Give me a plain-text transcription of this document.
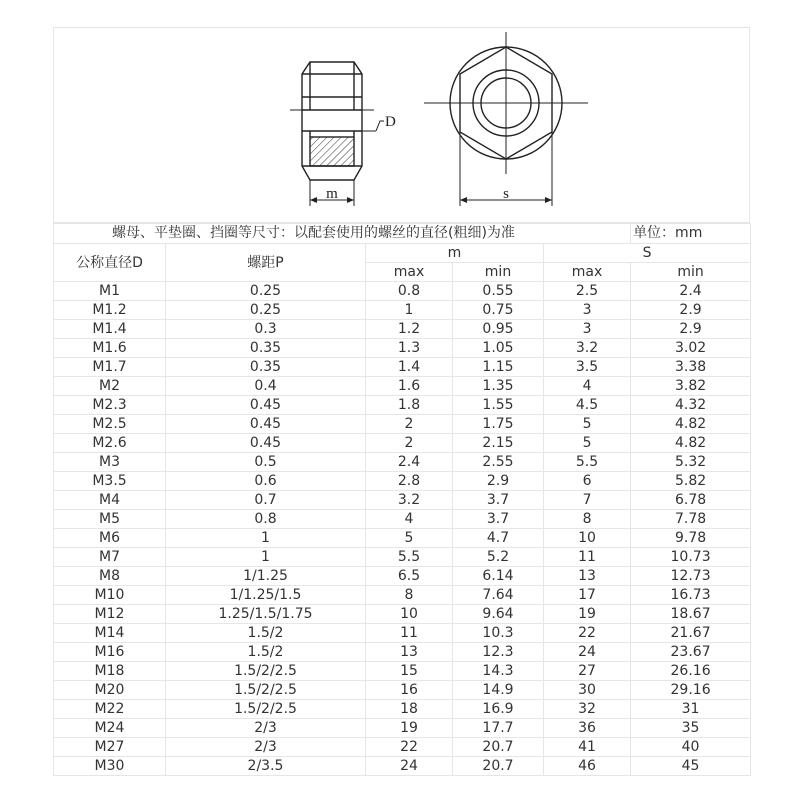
D
m	s
螺母、平垫圈、挡圈等尺寸：以配套使用的螺丝的直径(粗细)为准					单位：mm
公称直径D	螺距P	m		S	
		max	min	max	min
M1	0.25	0.8	0.55	2.5	2.4
M1.2	0.25	1	0.75	3	2.9
M1.4	0.3	1.2	0.95	3	2.9
M1.6	0.35	1.3	1.05	3.2	3.02
M1.7	0.35	1.4	1.15	3.5	3.38
M2	0.4	1.6	1.35	4	3.82
M2.3	0.45	1.8	1.55	4.5	4.32
M2.5	0.45	2	1.75	5	4.82
M2.6	0.45	2	2.15	5	4.82
M3	0.5	2.4	2.55	5.5	5.32
M3.5	0.6	2.8	2.9	6	5.82
M4	0.7	3.2	3.7	7	6.78
M5	0.8	4	3.7	8	7.78
M6	1	5	4.7	10	9.78
M7	1	5.5	5.2	11	10.73
M8	1/1.25	6.5	6.14	13	12.73
M10	1/1.25/1.5	8	7.64	17	16.73
M12	1.25/1.5/1.75	10	9.64	19	18.67
M14	1.5/2	11	10.3	22	21.67
M16	1.5/2	13	12.3	24	23.67
M18	1.5/2/2.5	15	14.3	27	26.16
M20	1.5/2/2.5	16	14.9	30	29.16
M22	1.5/2/2.5	18	16.9	32	31
M24	2/3	19	17.7	36	35
M27	2/3	22	20.7	41	40
M30	2/3.5	24	20.7	46	45
